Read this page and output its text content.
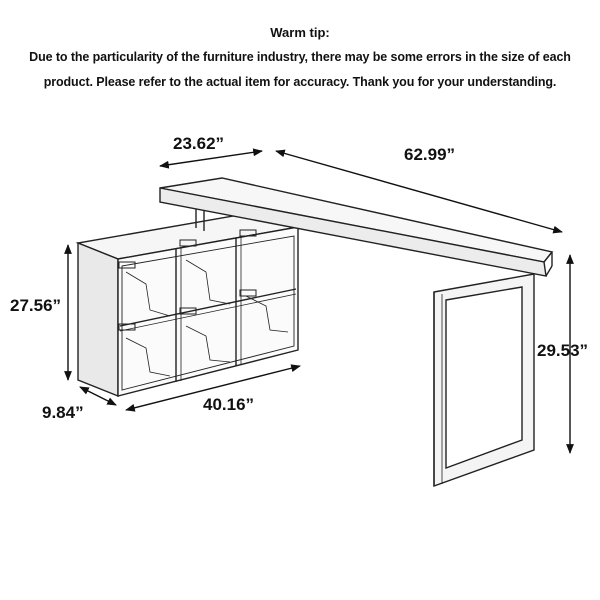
Warm tip:
Due to the particularity of the furniture industry, there may be some errors in the size of each
product. Please refer to the actual item for accuracy. Thank you for your understanding.
23.62”
62.99”
27.56”
29.53”
9.84”	40.16”
